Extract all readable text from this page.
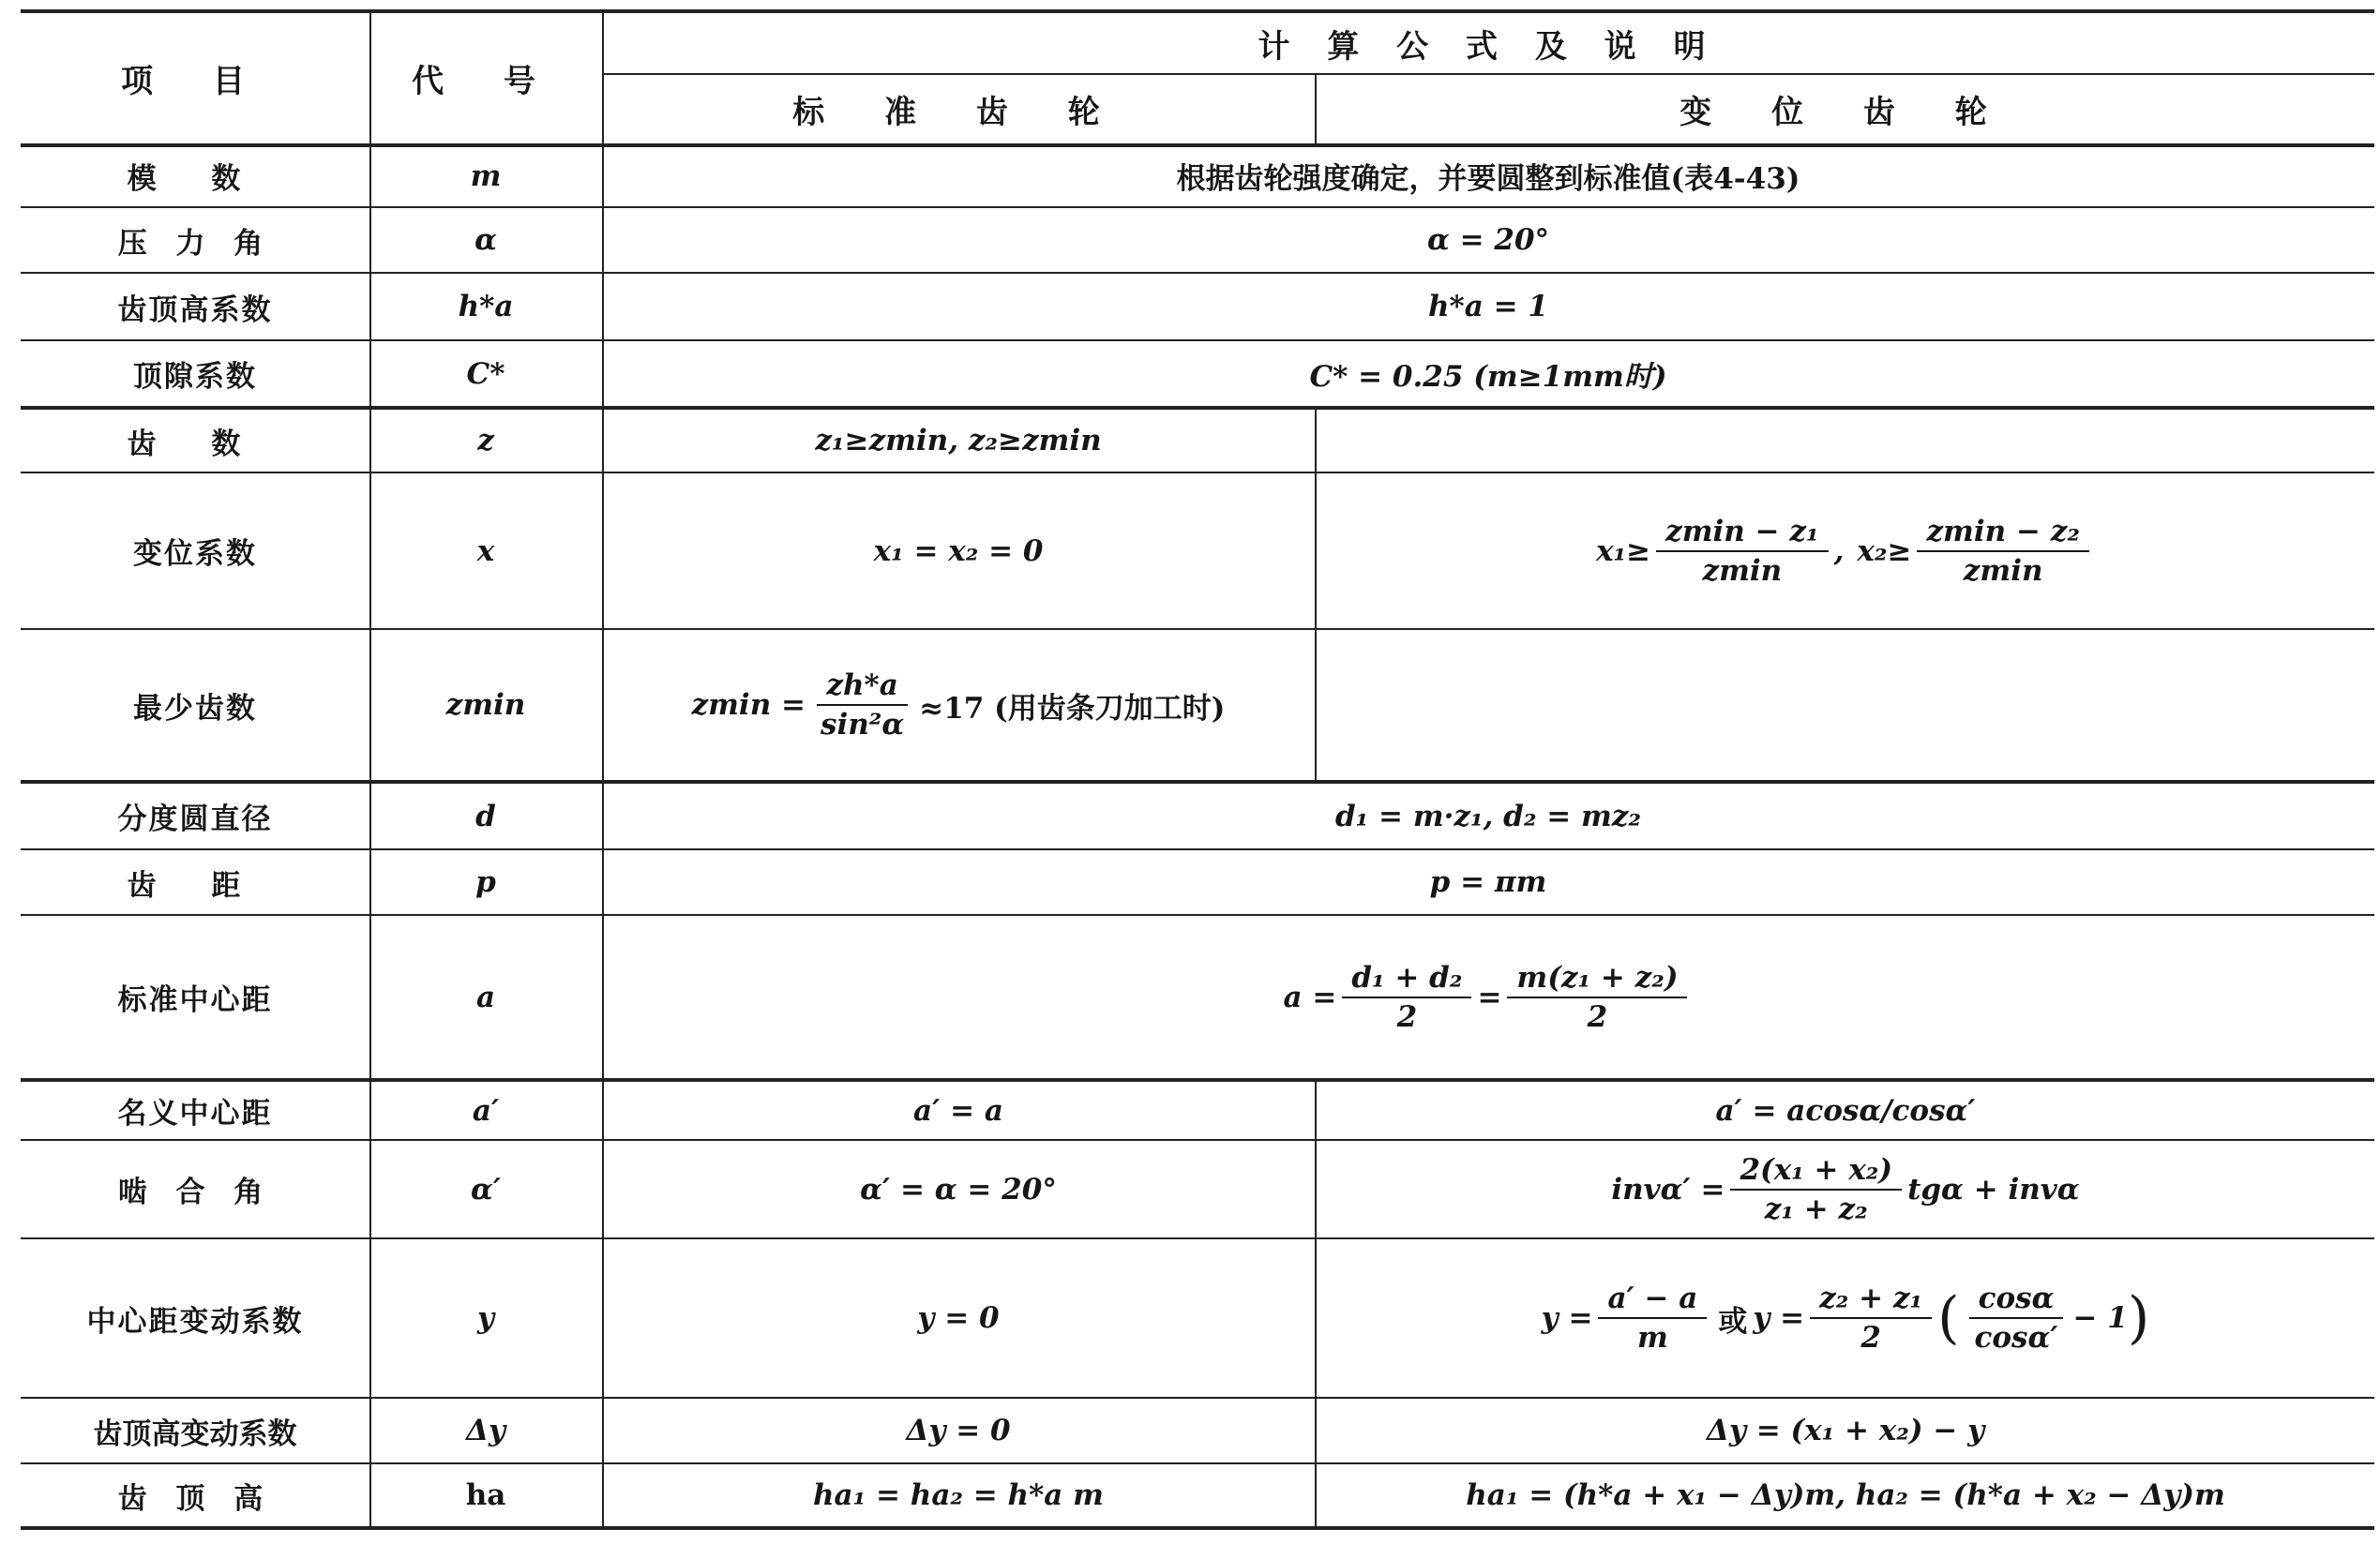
项 目	代 号
计 算 公 式 及 说 明
标 准 齿 轮	变 位 齿 轮
模 数	m	根据齿轮强度确定，并要圆整到标准值(表4-43)
压 力 角	α	α = 20°
齿顶高系数	h*a	h*a = 1
顶隙系数	C*	C* = 0.25 (m≥1mm时)
齿 数	z	z₁≥zmin, z₂≥zmin
变位系数	x	x₁ = x₂ = 0	$x_1\ge \frac{\text{zmin − z₁}}{zmin}$ , $x_2\ge \frac{\text{zmin − z₂}}{zmin}$
最少齿数	zmin	$zmin = \frac{zh*a}{\text{sin²α}} \approx 17$ (用齿条刀加工时)
分度圆直径	d	d₁ = m·z₁, d₂ = mz₂
齿 距	p	p = πm
标准中心距	a	$a = \frac{\text{d₁ + d₂}}{2} = \frac{\text{m(z₁ + z₂)}}{2}$
名义中心距	a′	a′ = a	a′ = acosα/cosα′
啮 合 角	α′	α′ = α = 20°	$inv\alpha' = \frac{\text{2(x₁ + x₂)}}{\text{z₁ + z₂}}$ tgα + invα
中心距变动系数	y	y = 0	$y = \frac{a' - a}{m}$ 或 $y = \frac{\text{z₂ + z₁}}{2}$ ( $\frac{\cos\alpha}{\cos\alpha'} - 1$ )
齿顶高变动系数	Δy	Δy = 0	Δy = (x₁ + x₂) − y
齿 顶 高	ha	ha₁ = ha₂ = h*a m	ha₁ = (h*a + x₁ − Δy)m, ha₂ = (h*a + x₂ − Δy)m
